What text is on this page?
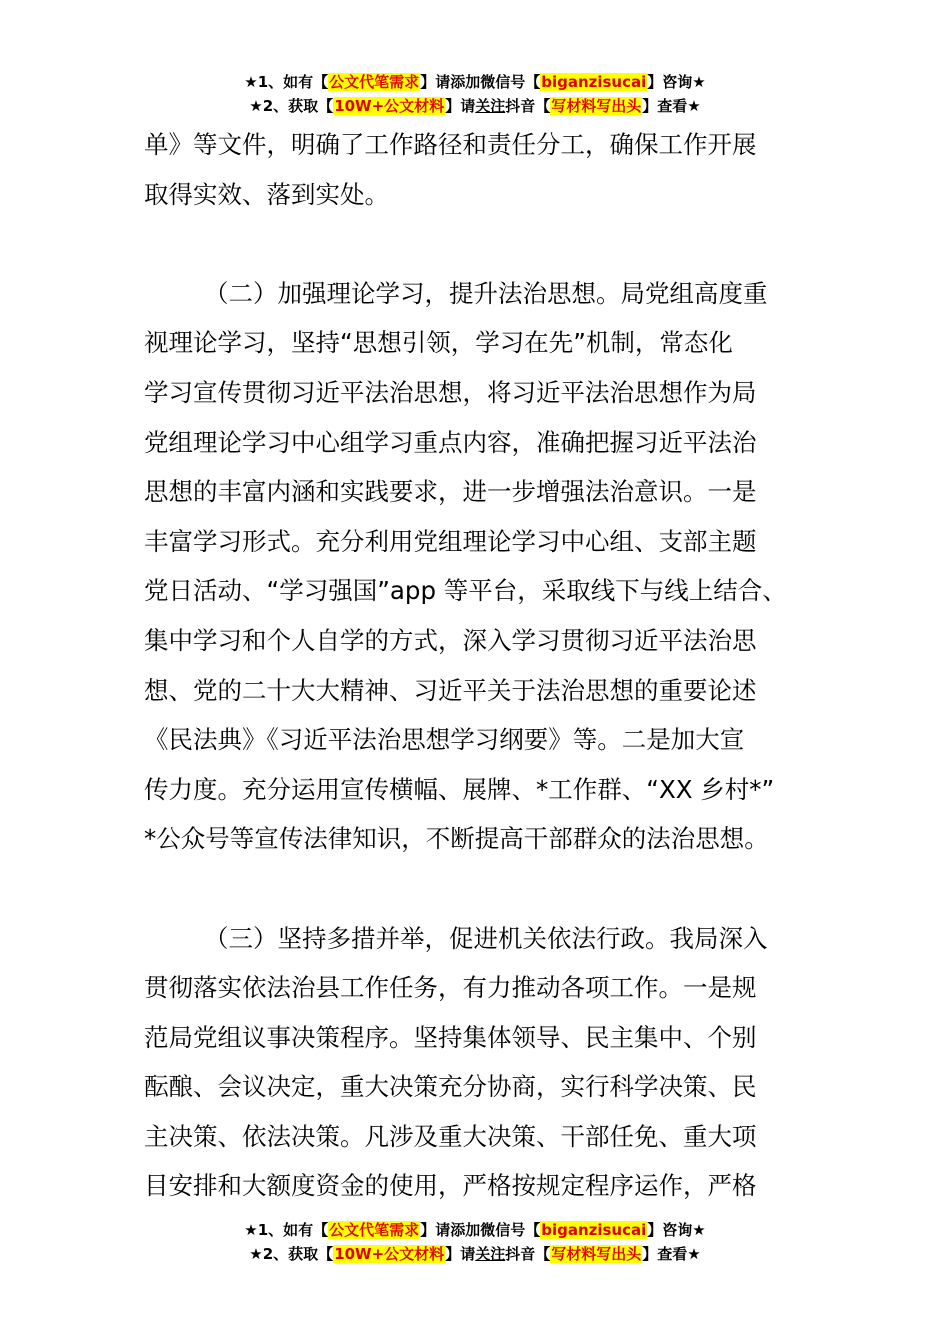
★1、如有【公文代笔需求】请添加微信号【biganzisucai】咨询★
★2、获取【10W+公文材料】请关注抖音【写材料写出头】查看★
单》等文件，明确了工作路径和责任分工，确保工作开展
取得实效、落到实处。
（二）加强理论学习，提升法治思想。局党组高度重
视理论学习，坚持“思想引领，学习在先”机制，常态化
学习宣传贯彻习近平法治思想，将习近平法治思想作为局
党组理论学习中心组学习重点内容，准确把握习近平法治
思想的丰富内涵和实践要求，进一步增强法治意识。一是
丰富学习形式。充分利用党组理论学习中心组、支部主题
党日活动、“学习强国”app 等平台，采取线下与线上结合、
集中学习和个人自学的方式，深入学习贯彻习近平法治思
想、党的二十大大精神、习近平关于法治思想的重要论述
《民法典》《习近平法治思想学习纲要》等。二是加大宣
传力度。充分运用宣传横幅、展牌、*工作群、“XX 乡村*”
*公众号等宣传法律知识，不断提高干部群众的法治思想。
（三）坚持多措并举，促进机关依法行政。我局深入
贯彻落实依法治县工作任务，有力推动各项工作。一是规
范局党组议事决策程序。坚持集体领导、民主集中、个别
酝酿、会议决定，重大决策充分协商，实行科学决策、民
主决策、依法决策。凡涉及重大决策、干部任免、重大项
目安排和大额度资金的使用，严格按规定程序运作，严格
★1、如有【公文代笔需求】请添加微信号【biganzisucai】咨询★
★2、获取【10W+公文材料】请关注抖音【写材料写出头】查看★
